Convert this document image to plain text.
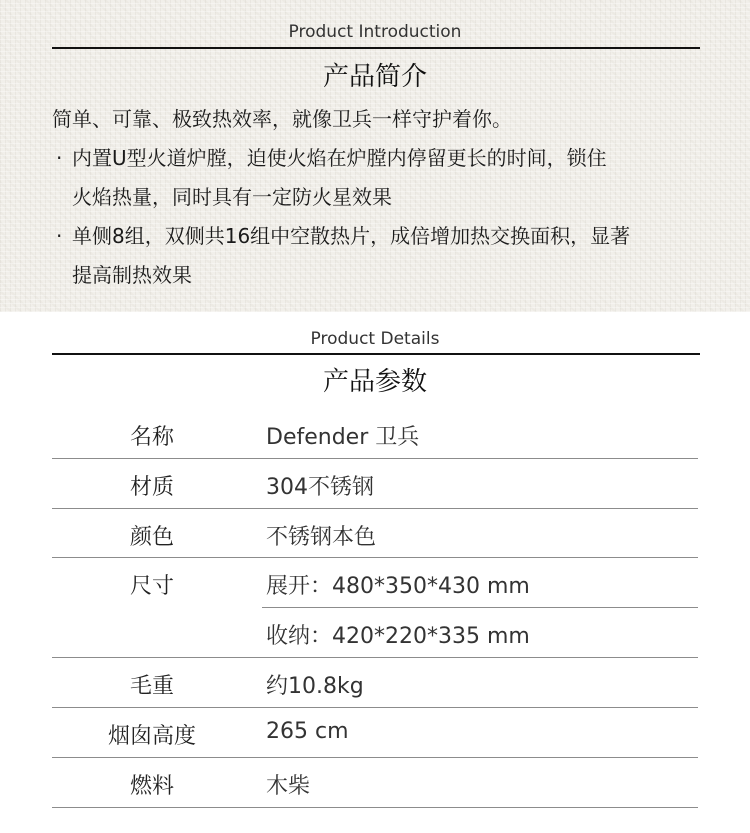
Product Introduction
产品简介
简单、可靠、极致热效率，就像卫兵一样守护着你。
· 内置U型火道炉膛，迫使火焰在炉膛内停留更长的时间，锁住
火焰热量，同时具有一定防火星效果
· 单侧8组，双侧共16组中空散热片，成倍增加热交换面积，显著
提高制热效果
Product Details
产品参数
名称	Defender 卫兵
材质	304不锈钢
颜色	不锈钢本色
尺寸	展开：480*350*430 mm
收纳：420*220*335 mm
毛重	约10.8kg
烟囱高度	265 cm
燃料	木柴
